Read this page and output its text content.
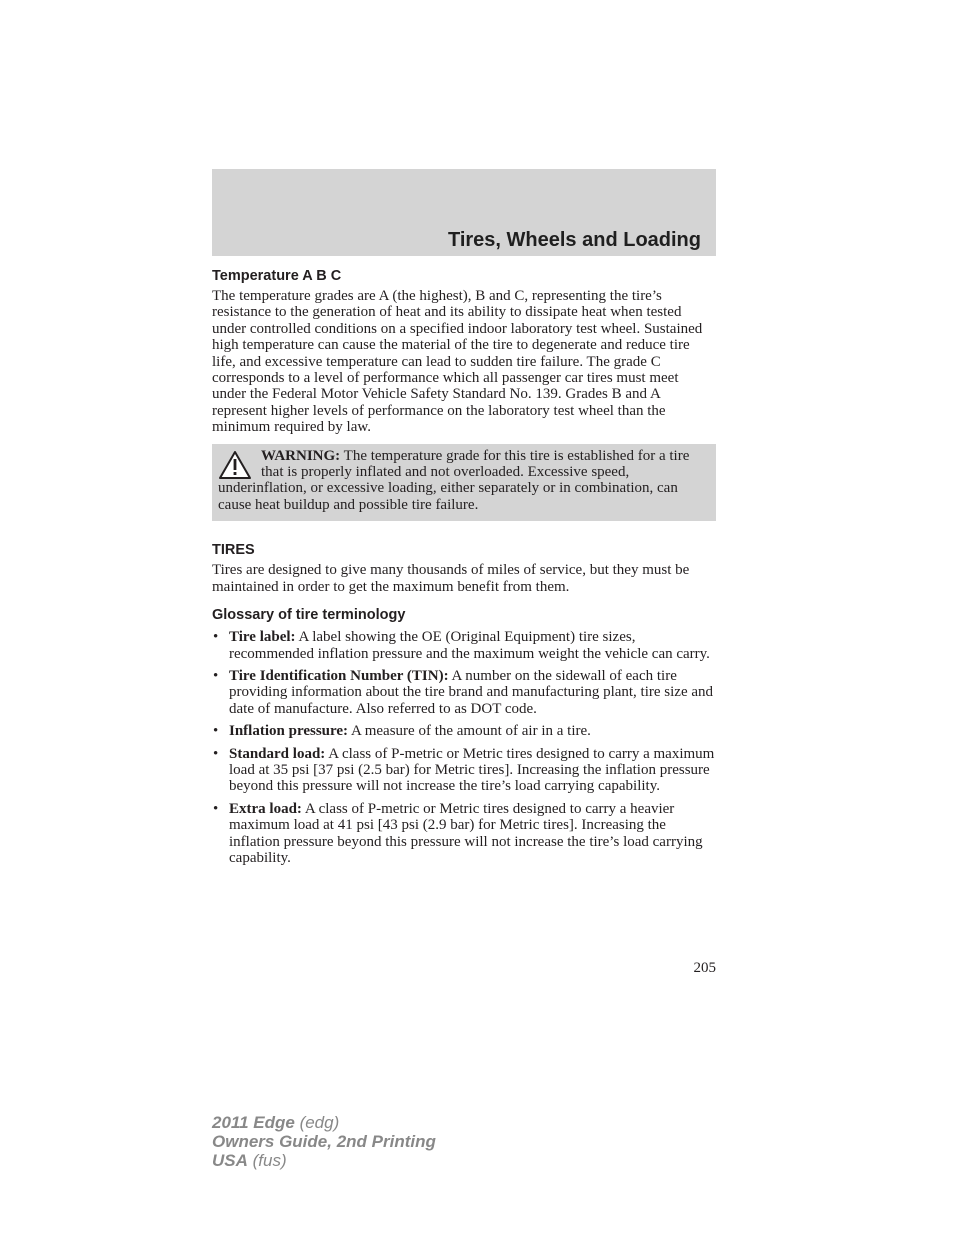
Tires, Wheels and Loading
Temperature A B C

The temperature grades are A (the highest), B and C, representing the tire’s resistance to the generation of heat and its ability to dissipate heat when tested under controlled conditions on a specified indoor laboratory test wheel. Sustained high temperature can cause the material of the tire to degenerate and reduce tire life, and excessive temperature can lead to sudden tire failure. The grade C corresponds to a level of performance which all passenger car tires must meet under the Federal Motor Vehicle Safety Standard No. 139. Grades B and A represent higher levels of performance on the laboratory test wheel than the minimum required by law.

WARNING: The temperature grade for this tire is established for a tire that is properly inflated and not overloaded. Excessive speed, underinflation, or excessive loading, either separately or in combination, can cause heat buildup and possible tire failure.
TIRES

Tires are designed to give many thousands of miles of service, but they must be maintained in order to get the maximum benefit from them.

Glossary of tire terminology
• Tire label: A label showing the OE (Original Equipment) tire sizes, recommended inflation pressure and the maximum weight the vehicle can carry.
• Tire Identification Number (TIN): A number on the sidewall of each tire providing information about the tire brand and manufacturing plant, tire size and date of manufacture. Also referred to as DOT code.
• Inflation pressure: A measure of the amount of air in a tire.
• Standard load: A class of P-metric or Metric tires designed to carry a maximum load at 35 psi [37 psi (2.5 bar) for Metric tires]. Increasing the inflation pressure beyond this pressure will not increase the tire’s load carrying capability.
• Extra load: A class of P-metric or Metric tires designed to carry a heavier maximum load at 41 psi [43 psi (2.9 bar) for Metric tires]. Increasing the inflation pressure beyond this pressure will not increase the tire’s load carrying capability.
205
2011 Edge (edg)
Owners Guide, 2nd Printing
USA (fus)
